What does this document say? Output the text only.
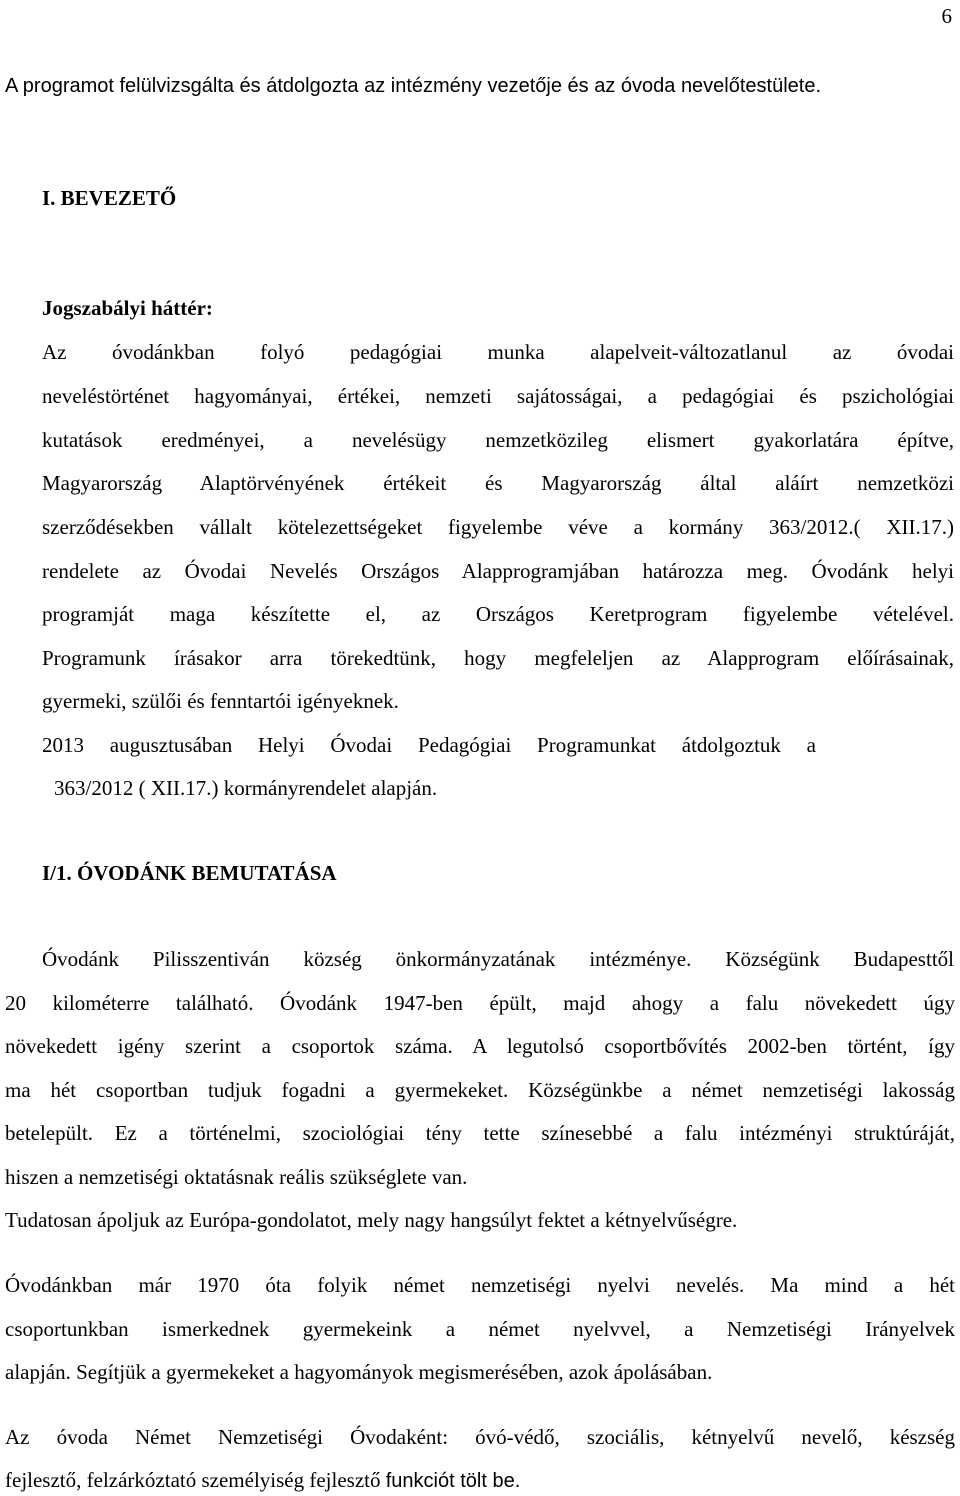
6
A programot felülvizsgálta és átdolgozta az intézmény vezetője és az óvoda nevelőtestülete.
I. BEVEZETŐ
Jogszabályi háttér:
Az óvodánkban folyó pedagógiai munka alapelveit-változatlanul az óvodai
neveléstörténet hagyományai, értékei, nemzeti sajátosságai, a pedagógiai és pszichológiai
kutatások eredményei, a nevelésügy nemzetközileg elismert gyakorlatára építve,
Magyarország Alaptörvényének értékeit és Magyarország által aláírt nemzetközi
szerződésekben vállalt kötelezettségeket figyelembe véve a kormány 363/2012.( XII.17.)
rendelete az Óvodai Nevelés Országos Alapprogramjában határozza meg. Óvodánk helyi
programját maga készítette el, az Országos Keretprogram figyelembe vételével.
Programunk írásakor arra törekedtünk, hogy megfeleljen az Alapprogram előírásainak,
gyermeki, szülői és fenntartói igényeknek.
2013 augusztusában Helyi Óvodai Pedagógiai Programunkat átdolgoztuk a
363/2012 ( XII.17.) kormányrendelet alapján.
I/1. ÓVODÁNK BEMUTATÁSA
Óvodánk Pilisszentiván község önkormányzatának intézménye. Községünk Budapesttől
20 kilométerre található. Óvodánk 1947-ben épült, majd ahogy a falu növekedett úgy
növekedett igény szerint a csoportok száma. A legutolsó csoportbővítés 2002-ben történt, így
ma hét csoportban tudjuk fogadni a gyermekeket. Községünkbe a német nemzetiségi lakosság
betelepült. Ez a történelmi, szociológiai tény tette színesebbé a falu intézményi struktúráját,
hiszen a nemzetiségi oktatásnak reális szükséglete van.
Tudatosan ápoljuk az Európa-gondolatot, mely nagy hangsúlyt fektet a kétnyelvűségre.
Óvodánkban már 1970 óta folyik német nemzetiségi nyelvi nevelés. Ma mind a hét
csoportunkban ismerkednek gyermekeink a német nyelvvel, a Nemzetiségi Irányelvek
alapján. Segítjük a gyermekeket a hagyományok megismerésében, azok ápolásában.
Az óvoda Német Nemzetiségi Óvodaként: óvó-védő, szociális, kétnyelvű nevelő, készség
fejlesztő, felzárkóztató személyiség fejlesztő funkciót tölt be.
